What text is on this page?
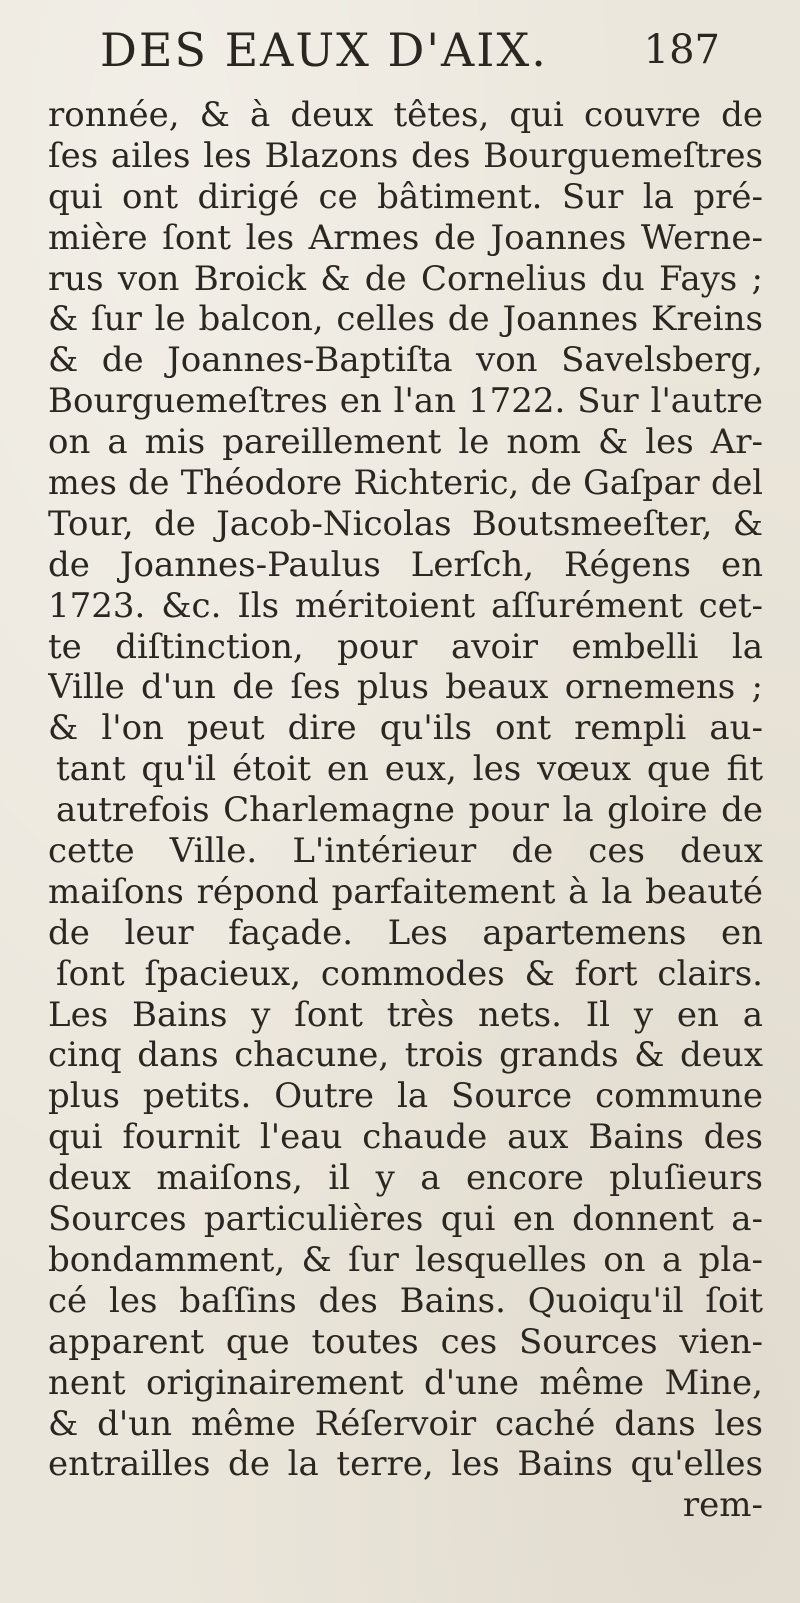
DES EAUX D'AIX. 187
ronnée, & à deux têtes, qui couvre de
ſes ailes les Blazons des Bourguemeſtres
qui ont dirigé ce bâtiment. Sur la pré-
mière ſont les Armes de Joannes Werne-
rus von Broick & de Cornelius du Fays ;
& ſur le balcon, celles de Joannes Kreins
& de Joannes-Baptiſta von Savelsberg,
Bourguemeſtres en l'an 1722. Sur l'autre
on a mis pareillement le nom & les Ar-
mes de Théodore Richteric, de Gaſpar del
Tour, de Jacob-Nicolas Boutsmeeſter, &
de Joannes-Paulus Lerſch, Régens en
1723. &c. Ils méritoient aſſurément cet-
te diſtinction, pour avoir embelli la
Ville d'un de ſes plus beaux ornemens ;
& l'on peut dire qu'ils ont rempli au-
tant qu'il étoit en eux, les vœux que fit
autrefois Charlemagne pour la gloire de
cette Ville. L'intérieur de ces deux
maiſons répond parfaitement à la beauté
de leur façade. Les apartemens en
ſont ſpacieux, commodes & fort clairs.
Les Bains y ſont très nets. Il y en a
cinq dans chacune, trois grands & deux
plus petits. Outre la Source commune
qui fournit l'eau chaude aux Bains des
deux maiſons, il y a encore pluſieurs
Sources particulières qui en donnent a-
bondamment, & ſur lesquelles on a pla-
cé les baſſins des Bains. Quoiqu'il ſoit
apparent que toutes ces Sources vien-
nent originairement d'une même Mine,
& d'un même Réſervoir caché dans les
entrailles de la terre, les Bains qu'elles
rem-
